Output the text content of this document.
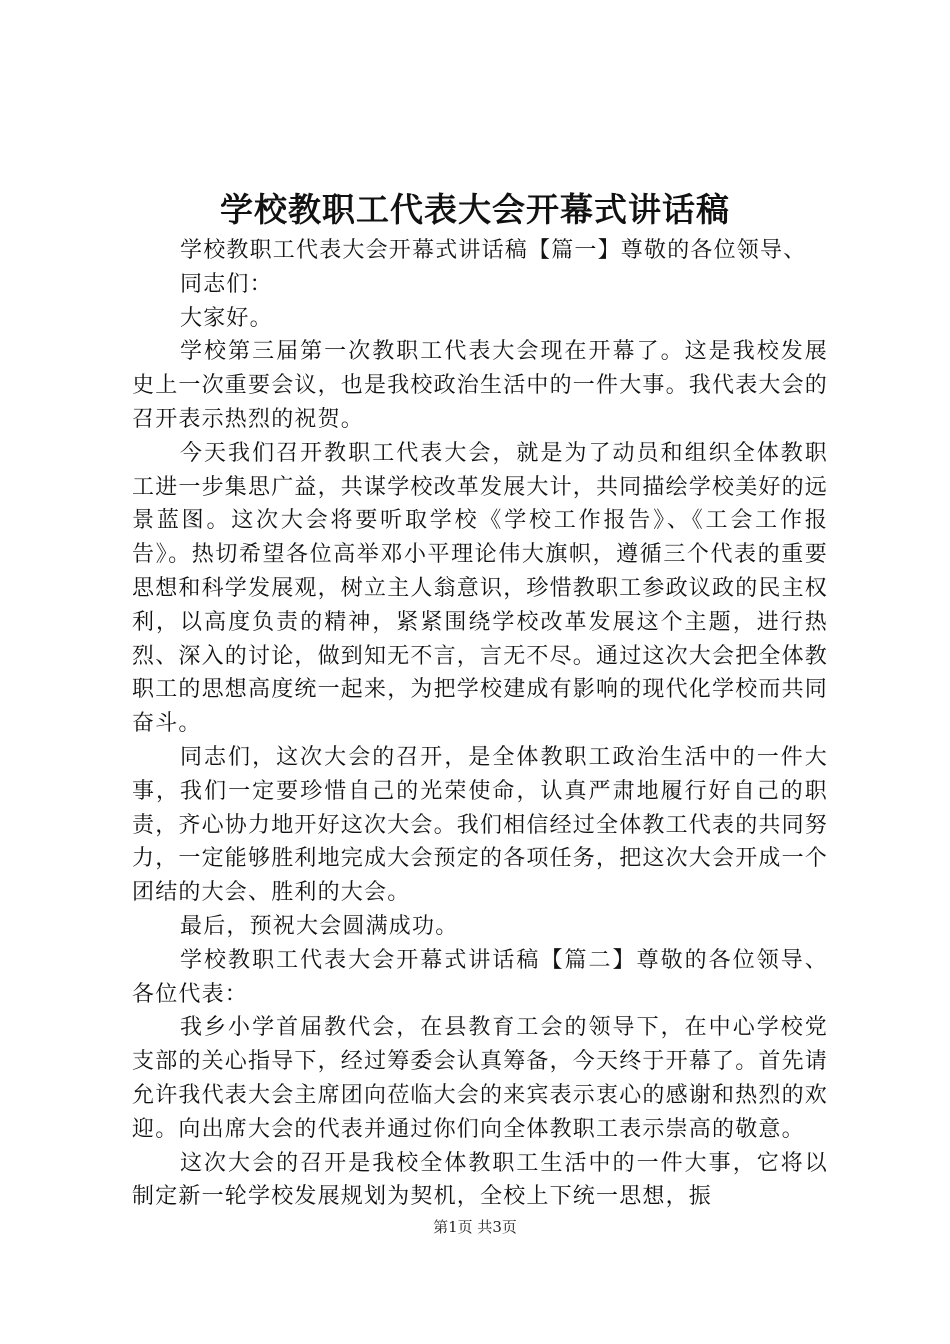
学校教职工代表大会开幕式讲话稿

学校教职工代表大会开幕式讲话稿【篇一】尊敬的各位领导、

同志们：

大家好。

学校第三届第一次教职工代表大会现在开幕了。这是我校发展史上一次重要会议，也是我校政治生活中的一件大事。我代表大会的召开表示热烈的祝贺。

今天我们召开教职工代表大会，就是为了动员和组织全体教职工进一步集思广益，共谋学校改革发展大计，共同描绘学校美好的远景蓝图。这次大会将要听取学校《学校工作报告》、《工会工作报告》。热切希望各位高举邓小平理论伟大旗帜，遵循三个代表的重要思想和科学发展观，树立主人翁意识，珍惜教职工参政议政的民主权利，以高度负责的精神，紧紧围绕学校改革发展这个主题，进行热烈、深入的讨论，做到知无不言，言无不尽。通过这次大会把全体教职工的思想高度统一起来，为把学校建成有影响的现代化学校而共同奋斗。

同志们，这次大会的召开，是全体教职工政治生活中的一件大事，我们一定要珍惜自己的光荣使命，认真严肃地履行好自己的职责，齐心协力地开好这次大会。我们相信经过全体教工代表的共同努力，一定能够胜利地完成大会预定的各项任务，把这次大会开成一个团结的大会、胜利的大会。

最后，预祝大会圆满成功。

学校教职工代表大会开幕式讲话稿【篇二】尊敬的各位领导、各位代表：

我乡小学首届教代会，在县教育工会的领导下，在中心学校党支部的关心指导下，经过筹委会认真筹备，今天终于开幕了。首先请允许我代表大会主席团向莅临大会的来宾表示衷心的感谢和热烈的欢迎。向出席大会的代表并通过你们向全体教职工表示崇高的敬意。

这次大会的召开是我校全体教职工生活中的一件大事，它将以制定新一轮学校发展规划为契机，全校上下统一思想，振

第1页 共3页
